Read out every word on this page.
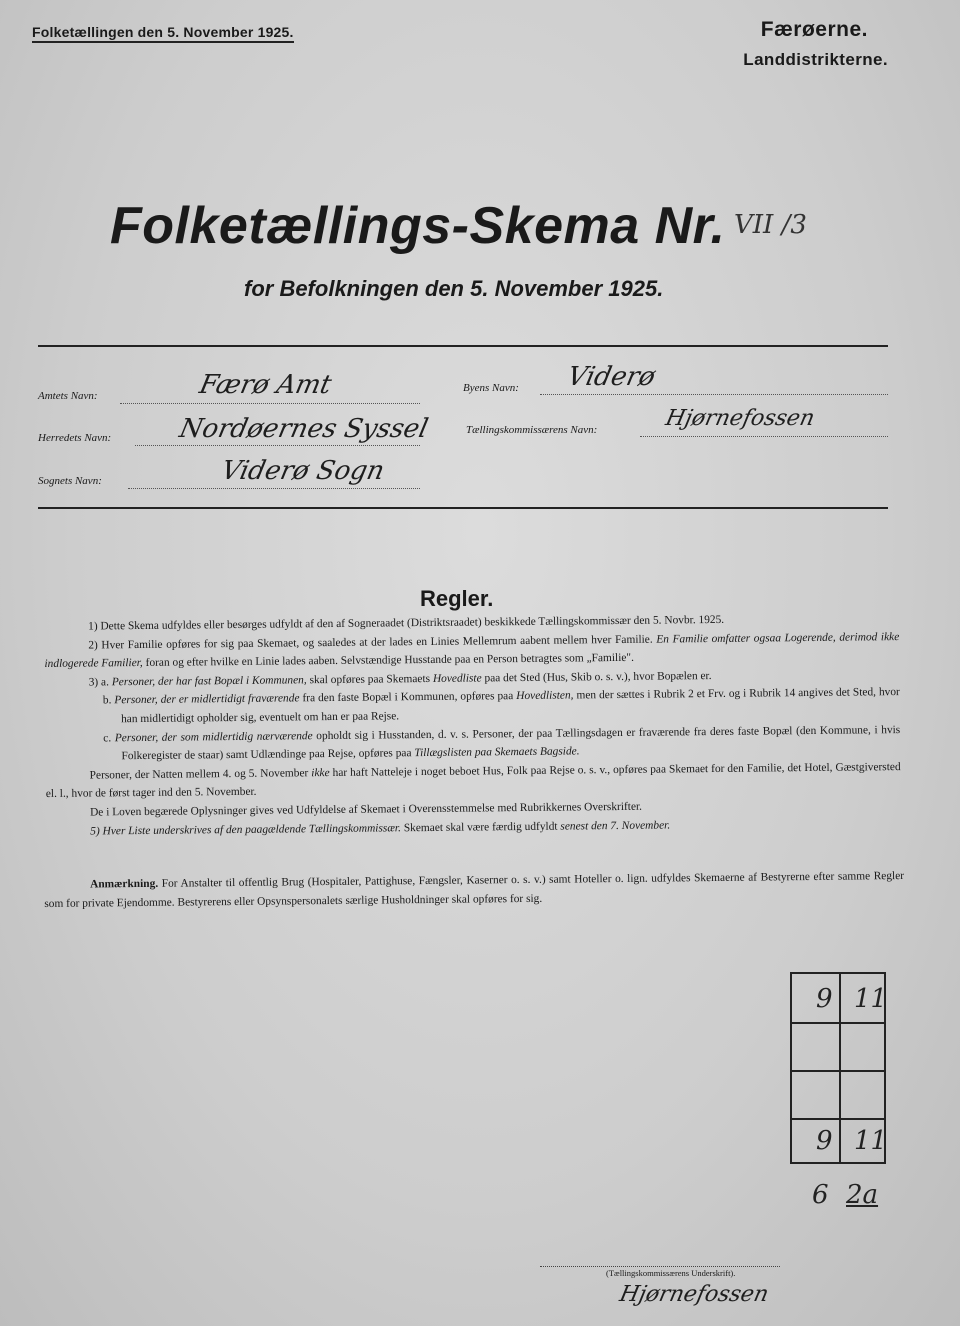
Folketællingen den 5. November 1925.	Færøerne.
Landdistrikterne.
Folketællings-Skema Nr. VII /3
for Befolkningen den 5. November 1925.
Amtets Navn:	Færø Amt
Herredets Navn:	Nordøernes Syssel
Sognets Navn:	Viderø Sogn
Byens Navn: Viderø
Tællingskommissærens Navn:	Hjørnefossen
Regler.

1) Dette Skema udfyldes eller besørges udfyldt af den af Sogneraadet (Distriktsraadet) beskikkede Tællingskommissær den 5. Novbr. 1925.

2) Hver Familie opføres for sig paa Skemaet, og saaledes at der lades en Linies Mellemrum aabent mellem hver Familie. En Familie omfatter ogsaa Logerende, derimod ikke indlogerede Familier, foran og efter hvilke en Linie lades aaben. Selvstændige Husstande paa en Person betragtes som „Familie".

3) a. Personer, der har fast Bopæl i Kommunen, skal opføres paa Skemaets Hovedliste paa det Sted (Hus, Skib o. s. v.), hvor Bopælen er.

b. Personer, der er midlertidigt fraværende fra den faste Bopæl i Kommunen, opføres paa Hovedlisten, men der sættes i Rubrik 2 et Frv. og i Rubrik 14 angives det Sted, hvor han midlertidigt opholder sig, eventuelt om han er paa Rejse.

c. Personer, der som midlertidig nærværende opholdt sig i Husstanden, d. v. s. Personer, der paa Tællingsdagen er fraværende fra deres faste Bopæl (den Kommune, i hvis Folkeregister de staar) samt Udlændinge paa Rejse, opføres paa Tillægslisten paa Skemaets Bagside.

Personer, der Natten mellem 4. og 5. November ikke har haft Natteleje i noget beboet Hus, Folk paa Rejse o. s. v., opføres paa Skemaet for den Familie, det Hotel, Gæstgiversted el. l., hvor de først tager ind den 5. November.

De i Loven begærede Oplysninger gives ved Udfyldelse af Skemaet i Overensstemmelse med Rubrikkernes Overskrifter.

5) Hver Liste underskrives af den paagældende Tællingskommissær. Skemaet skal være færdig udfyldt senest den 7. November.

Anmærkning. For Anstalter til offentlig Brug (Hospitaler, Pattighuse, Fængsler, Kaserner o. s. v.) samt Hoteller o. lign. udfyldes Skemaerne af Bestyrerne efter samme Regler som for private Ejendomme. Bestyrerens eller Opsynspersonalets særlige Husholdninger skal opføres for sig.

9 11
9 11
6 2a
(Tællingskommissærens Underskrift).
Hjørnefossen
